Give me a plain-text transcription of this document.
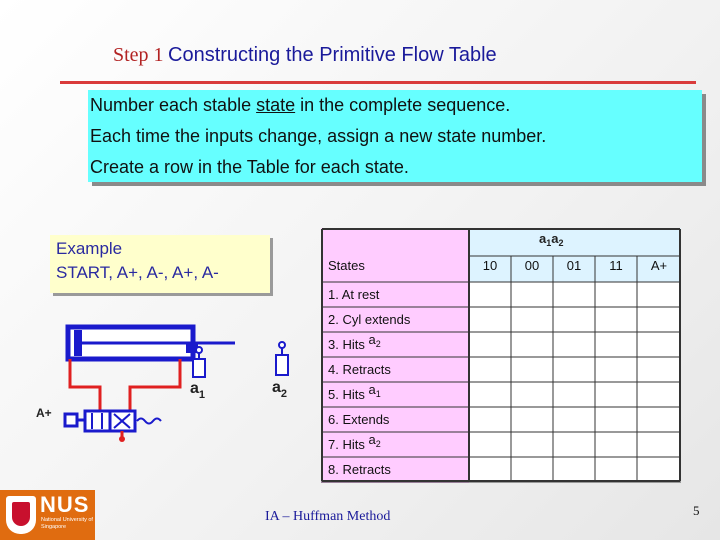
Step 1 Constructing the Primitive Flow Table
Number each stable state in the complete sequence.
Each time the inputs change, assign a new state number.
Create a row in the Table for each state.
Example
START, A+, A-, A+, A-
$a_1$	$a_2$
A+
$a_1a_2$
States	10 00 01 11 A+
1. At rest
2. Cyl extends
3. Hits $a_2$
4. Retracts
5. Hits $a_1$
6. Extends
7. Hits $a_2$
8. Retracts
IA – Huffman Method	5
NUS
National University of Singapore
